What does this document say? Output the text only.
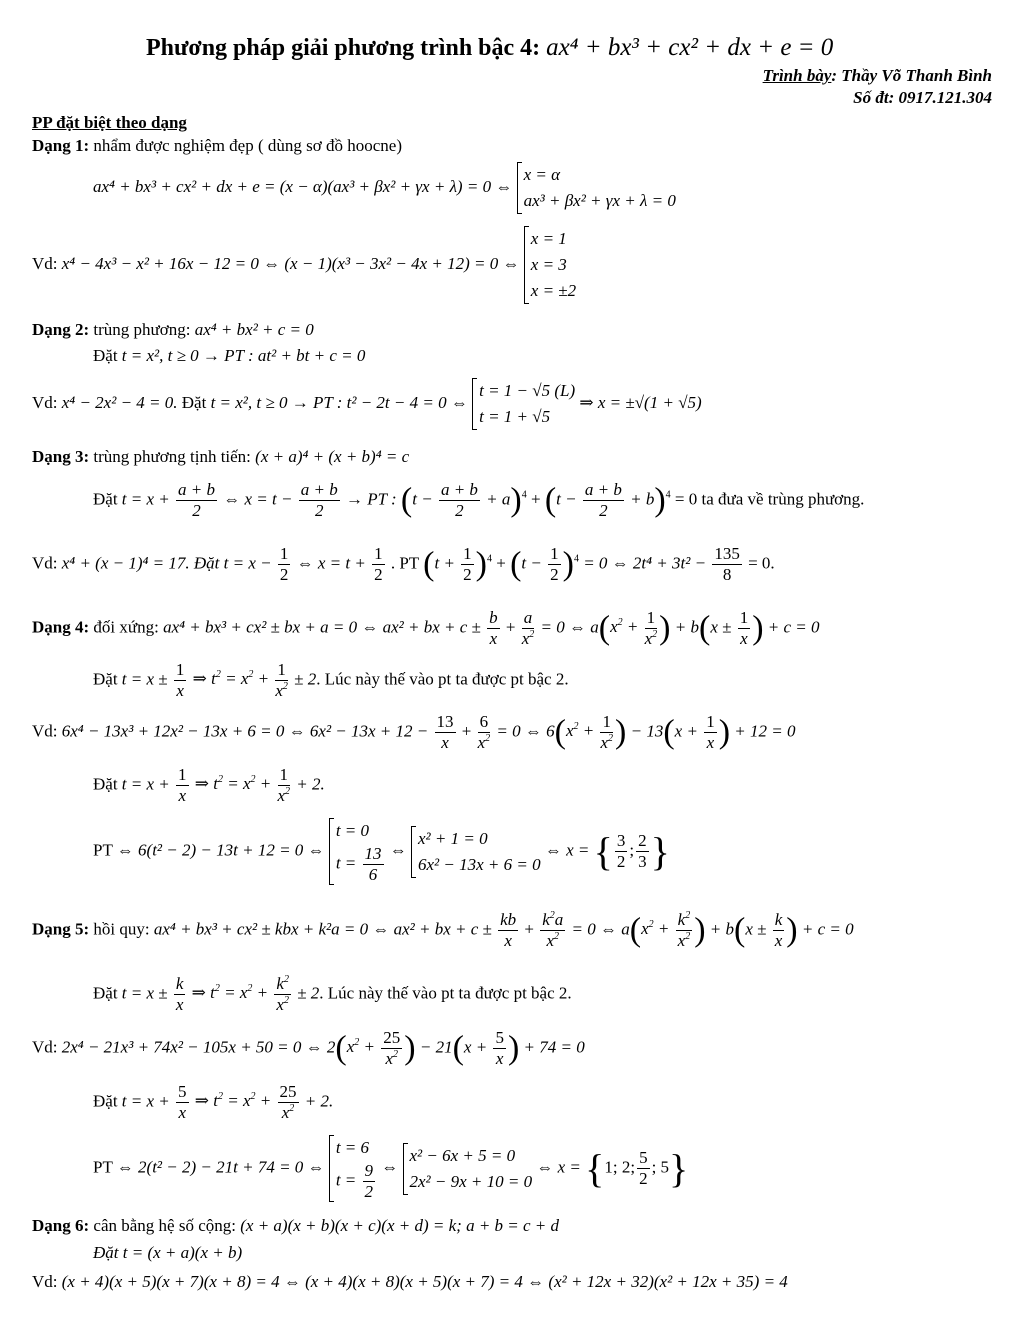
Phương pháp giải phương trình bậc 4: ax⁴ + bx³ + cx² + dx + e = 0
Trình bày: Thầy Võ Thanh Bình
Số đt: 0917.121.304
PP đặt biệt theo dạng
Dạng 1: nhẩm được nghiệm đẹp ( dùng sơ đồ hoocne)
ax⁴ + bx³ + cx² + dx + e = (x − α)(ax³ + βx² + γx + λ) = 0 ⇔
x = α
ax³ + βx² + γx + λ = 0
Vd: x⁴ − 4x³ − x² + 16x − 12 = 0 ⇔ (x − 1)(x³ − 3x² − 4x + 12) = 0 ⇔
x = 1
x = 3
x = ±2
Dạng 2: trùng phương: ax⁴ + bx² + c = 0
Đặt t = x², t ≥ 0 → PT : at² + bt + c = 0
Vd: x⁴ − 2x² − 4 = 0. Đặt t = x², t ≥ 0 → PT : t² − 2t − 4 = 0 ⇔
t = 1 − √5 (L)
t = 1 + √5
⇒ x = ±√(1 + √5)
Dạng 3: trùng phương tịnh tiến: (x + a)⁴ + (x + b)⁴ = c
Đặt $t = x + \frac{a + b}{2}$ ⇔ $x = t - \frac{a + b}{2}$ → PT : $(t - \frac{a + b}{2} + a)^4 + (t - \frac{a + b}{2} + b)^4 = 0$ ta đưa về trùng phương.
Vd: x⁴ + (x − 1)⁴ = 17. Đặt $t = x - \frac{1}{2}$ ⇔ $x = t + \frac{1}{2}$ . PT $(t + \frac{1}{2} )^4 + (t - \frac{1}{2} )^4 = 0$ ⇔ $2t^4 + 3t^2 - \frac{135}{8} = 0$.
Dạng 4: đối xứng: ax⁴ + bx³ + cx² ± bx + a = 0 ⇔ ax² + bx + $c \pm \frac{b}{x} + \frac{a}{x^2} = 0$ ⇔ $a(x^2 + \frac{1}{x^2}$ ) + $b(x \pm \frac{1}{x}$ ) + c = 0
Đặt $t = x \pm \frac{1}{x}$ ⇒ $t^2 = x^2 + \frac{1}{x^2} \pm 2$. Lúc này thế vào pt ta được pt bậc 2.
Vd: 6x⁴ − 13x³ + 12x² − 13x + 6 = 0 ⇔ $6x^2 - 13x + 12 - \frac{13}{x} + \frac{6}{x^2} = 0$ ⇔ $6(x^2 + \frac{1}{x^2}$ ) − $13(x + \frac{1}{x}$ ) + 12 = 0
Đặt $t = x + \frac{1}{x}$ ⇒ $t^2 = x^2 + \frac{1}{x^2} + 2$.
PT ⇔ 6(t² − 2) − 13t + 12 = 0 ⇔
t = 0
$t = \frac{13}{6}$ ⇔
x² + 1 = 0
6x² − 13x + 6 = 0
⇔ x = { $\frac{3}{2}$ ; $\frac{2}{3}$ }
Dạng 5: hồi quy: ax⁴ + bx³ + cx² ± kbx + k²a = 0 ⇔ ax² + bx + $c \pm \frac{kb}{x} + \frac{k^2a}{x^2} = 0$ ⇔ $a(x^2 + \frac{k^2}{x^2}$ ) + $b(x \pm \frac{k}{x}$ ) + c = 0
Đặt $t = x \pm \frac{k}{x}$ ⇒ $t^2 = x^2 + \frac{k^2}{x^2} \pm 2$. Lúc này thế vào pt ta được pt bậc 2.
Vd: 2x⁴ − 21x³ + 74x² − 105x + 50 = 0 ⇔ $2(x^2 + \frac{25}{x^2}$ ) − $21(x + \frac{5}{x}$ ) + 74 = 0
Đặt $t = x + \frac{5}{x}$ ⇒ $t^2 = x^2 + \frac{25}{x^2} + 2$.
PT ⇔ 2(t² − 2) − 21t + 74 = 0 ⇔
t = 6
$t = \frac{9}{2}$ ⇔
x² − 6x + 5 = 0
2x² − 9x + 10 = 0
⇔ x = {1; 2; $\frac{5}{2}$ ; 5}
Dạng 6: cân bằng hệ số cộng: (x + a)(x + b)(x + c)(x + d) = k; a + b = c + d
Đặt t = (x + a)(x + b)
Vd: (x + 4)(x + 5)(x + 7)(x + 8) = 4 ⇔ (x + 4)(x + 8)(x + 5)(x + 7) = 4 ⇔ (x² + 12x + 32)(x² + 12x + 35) = 4
